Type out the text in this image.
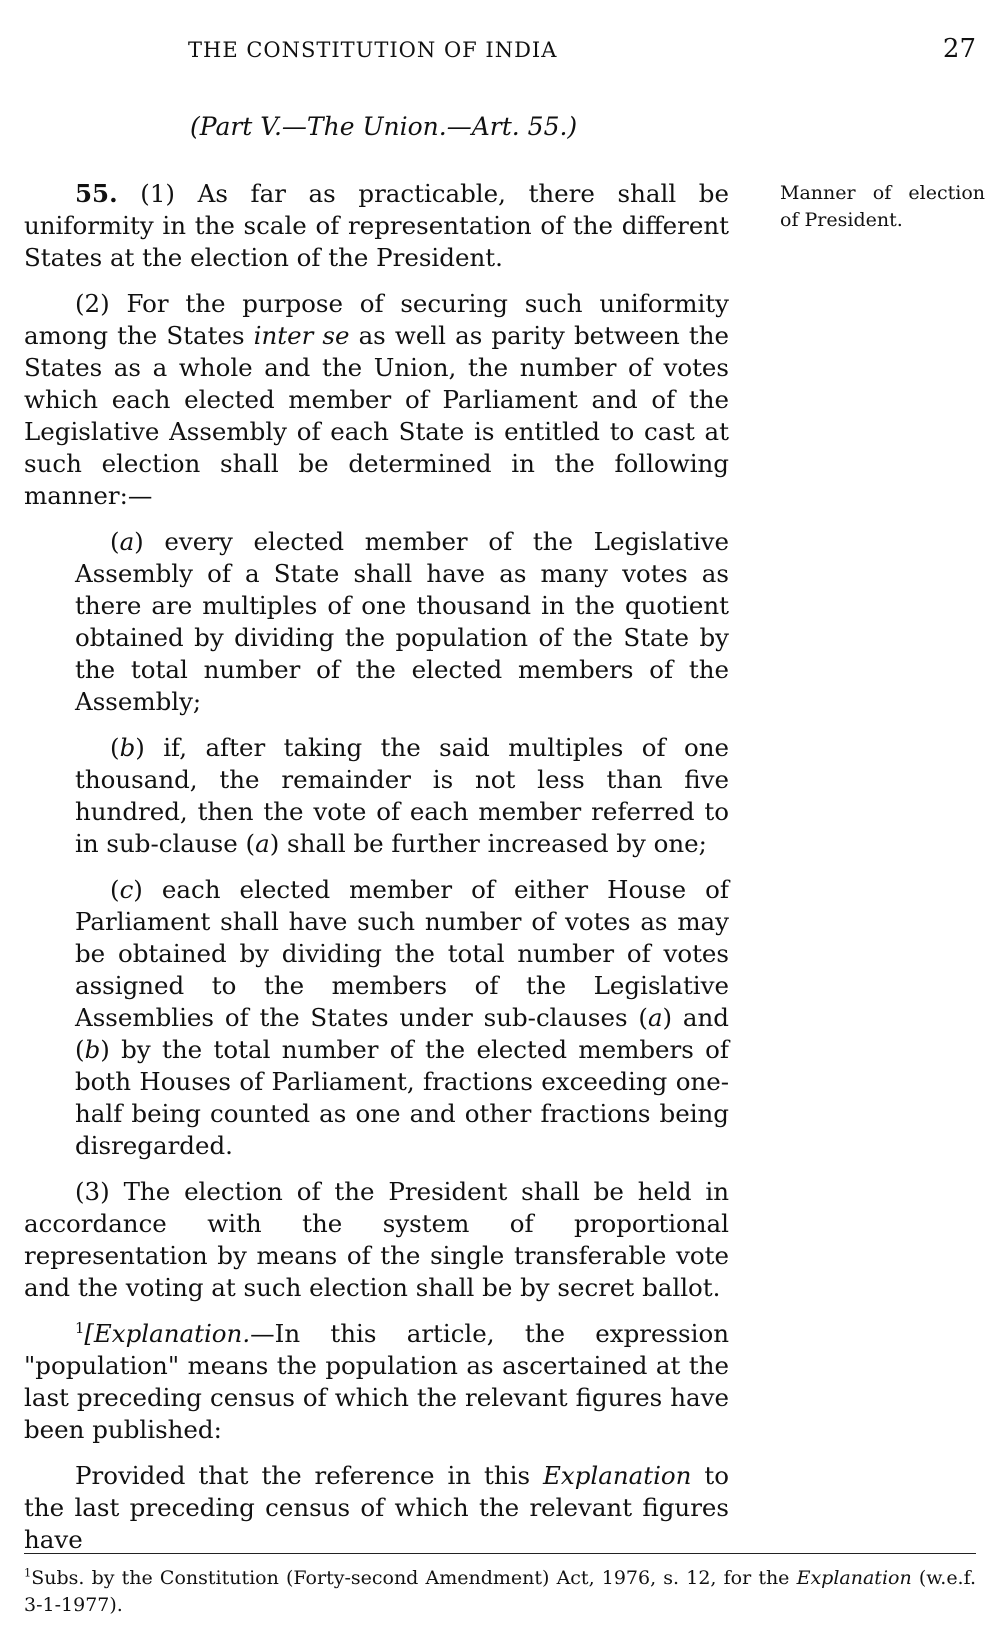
THE CONSTITUTION OF INDIA	27
(Part V.—The Union.—Art. 55.)
Manner of election of President.

55. (1) As far as practicable, there shall be uniformity in the scale of representation of the different States at the election of the President.

(2) For the purpose of securing such uniformity among the States inter se as well as parity between the States as a whole and the Union, the number of votes which each elected member of Parliament and of the Legislative Assembly of each State is entitled to cast at such election shall be determined in the following manner:—

(a) every elected member of the Legislative Assembly of a State shall have as many votes as there are multiples of one thousand in the quotient obtained by dividing the population of the State by the total number of the elected members of the Assembly;

(b) if, after taking the said multiples of one thousand, the remainder is not less than five hundred, then the vote of each member referred to in sub-clause (a) shall be further increased by one;

(c) each elected member of either House of Parliament shall have such number of votes as may be obtained by dividing the total number of votes assigned to the members of the Legislative Assemblies of the States under sub-clauses (a) and (b) by the total number of the elected members of both Houses of Parliament, fractions exceeding one-half being counted as one and other fractions being disregarded.

(3) The election of the President shall be held in accordance with the system of proportional representation by means of the single transferable vote and the voting at such election shall be by secret ballot.

$^1$[Explanation.—In this article, the expression "population" means the population as ascertained at the last preceding census of which the relevant figures have been published:

Provided that the reference in this Explanation to the last preceding census of which the relevant figures have

$^1$Subs. by the Constitution (Forty-second Amendment) Act, 1976, s. 12, for the Explanation (w.e.f. 3-1-1977).
